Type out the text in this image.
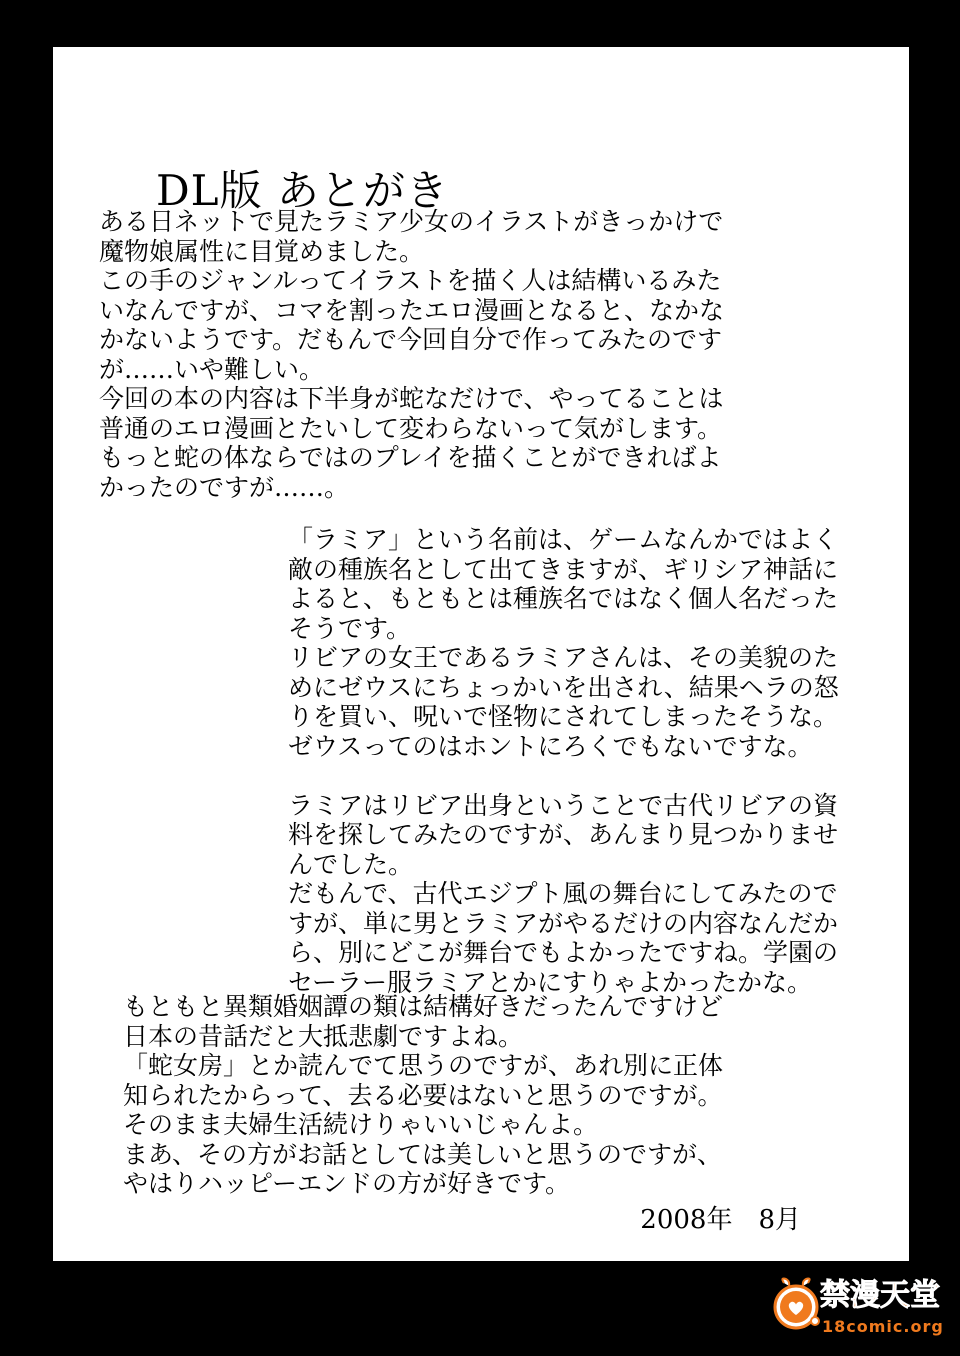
DL版 あとがき
ある日ネットで見たラミア少女のイラストがきっかけで
魔物娘属性に目覚めました。
この手のジャンルってイラストを描く人は結構いるみた
いなんですが、コマを割ったエロ漫画となると、なかな
かないようです。だもんで今回自分で作ってみたのです
が……いや難しい。
今回の本の内容は下半身が蛇なだけで、やってることは
普通のエロ漫画とたいして変わらないって気がします。
もっと蛇の体ならではのプレイを描くことができればよ
かったのですが……。
「ラミア」という名前は、ゲームなんかではよく
敵の種族名として出てきますが、ギリシア神話に
よると、もともとは種族名ではなく個人名だった
そうです。
リビアの女王であるラミアさんは、その美貌のた
めにゼウスにちょっかいを出され、結果ヘラの怒
りを買い、呪いで怪物にされてしまったそうな。
ゼウスってのはホントにろくでもないですな。
ラミアはリビア出身ということで古代リビアの資
料を探してみたのですが、あんまり見つかりませ
んでした。
だもんで、古代エジプト風の舞台にしてみたので
すが、単に男とラミアがやるだけの内容なんだか
ら、別にどこが舞台でもよかったですね。学園の
セーラー服ラミアとかにすりゃよかったかな。
もともと異類婚姻譚の類は結構好きだったんですけど
日本の昔話だと大抵悲劇ですよね。
「蛇女房」とか読んでて思うのですが、あれ別に正体
知られたからって、去る必要はないと思うのですが。
そのまま夫婦生活続けりゃいいじゃんよ。
まあ、その方がお話としては美しいと思うのですが、
やはりハッピーエンドの方が好きです。
2008年　8月
禁漫天堂
18comic.org
